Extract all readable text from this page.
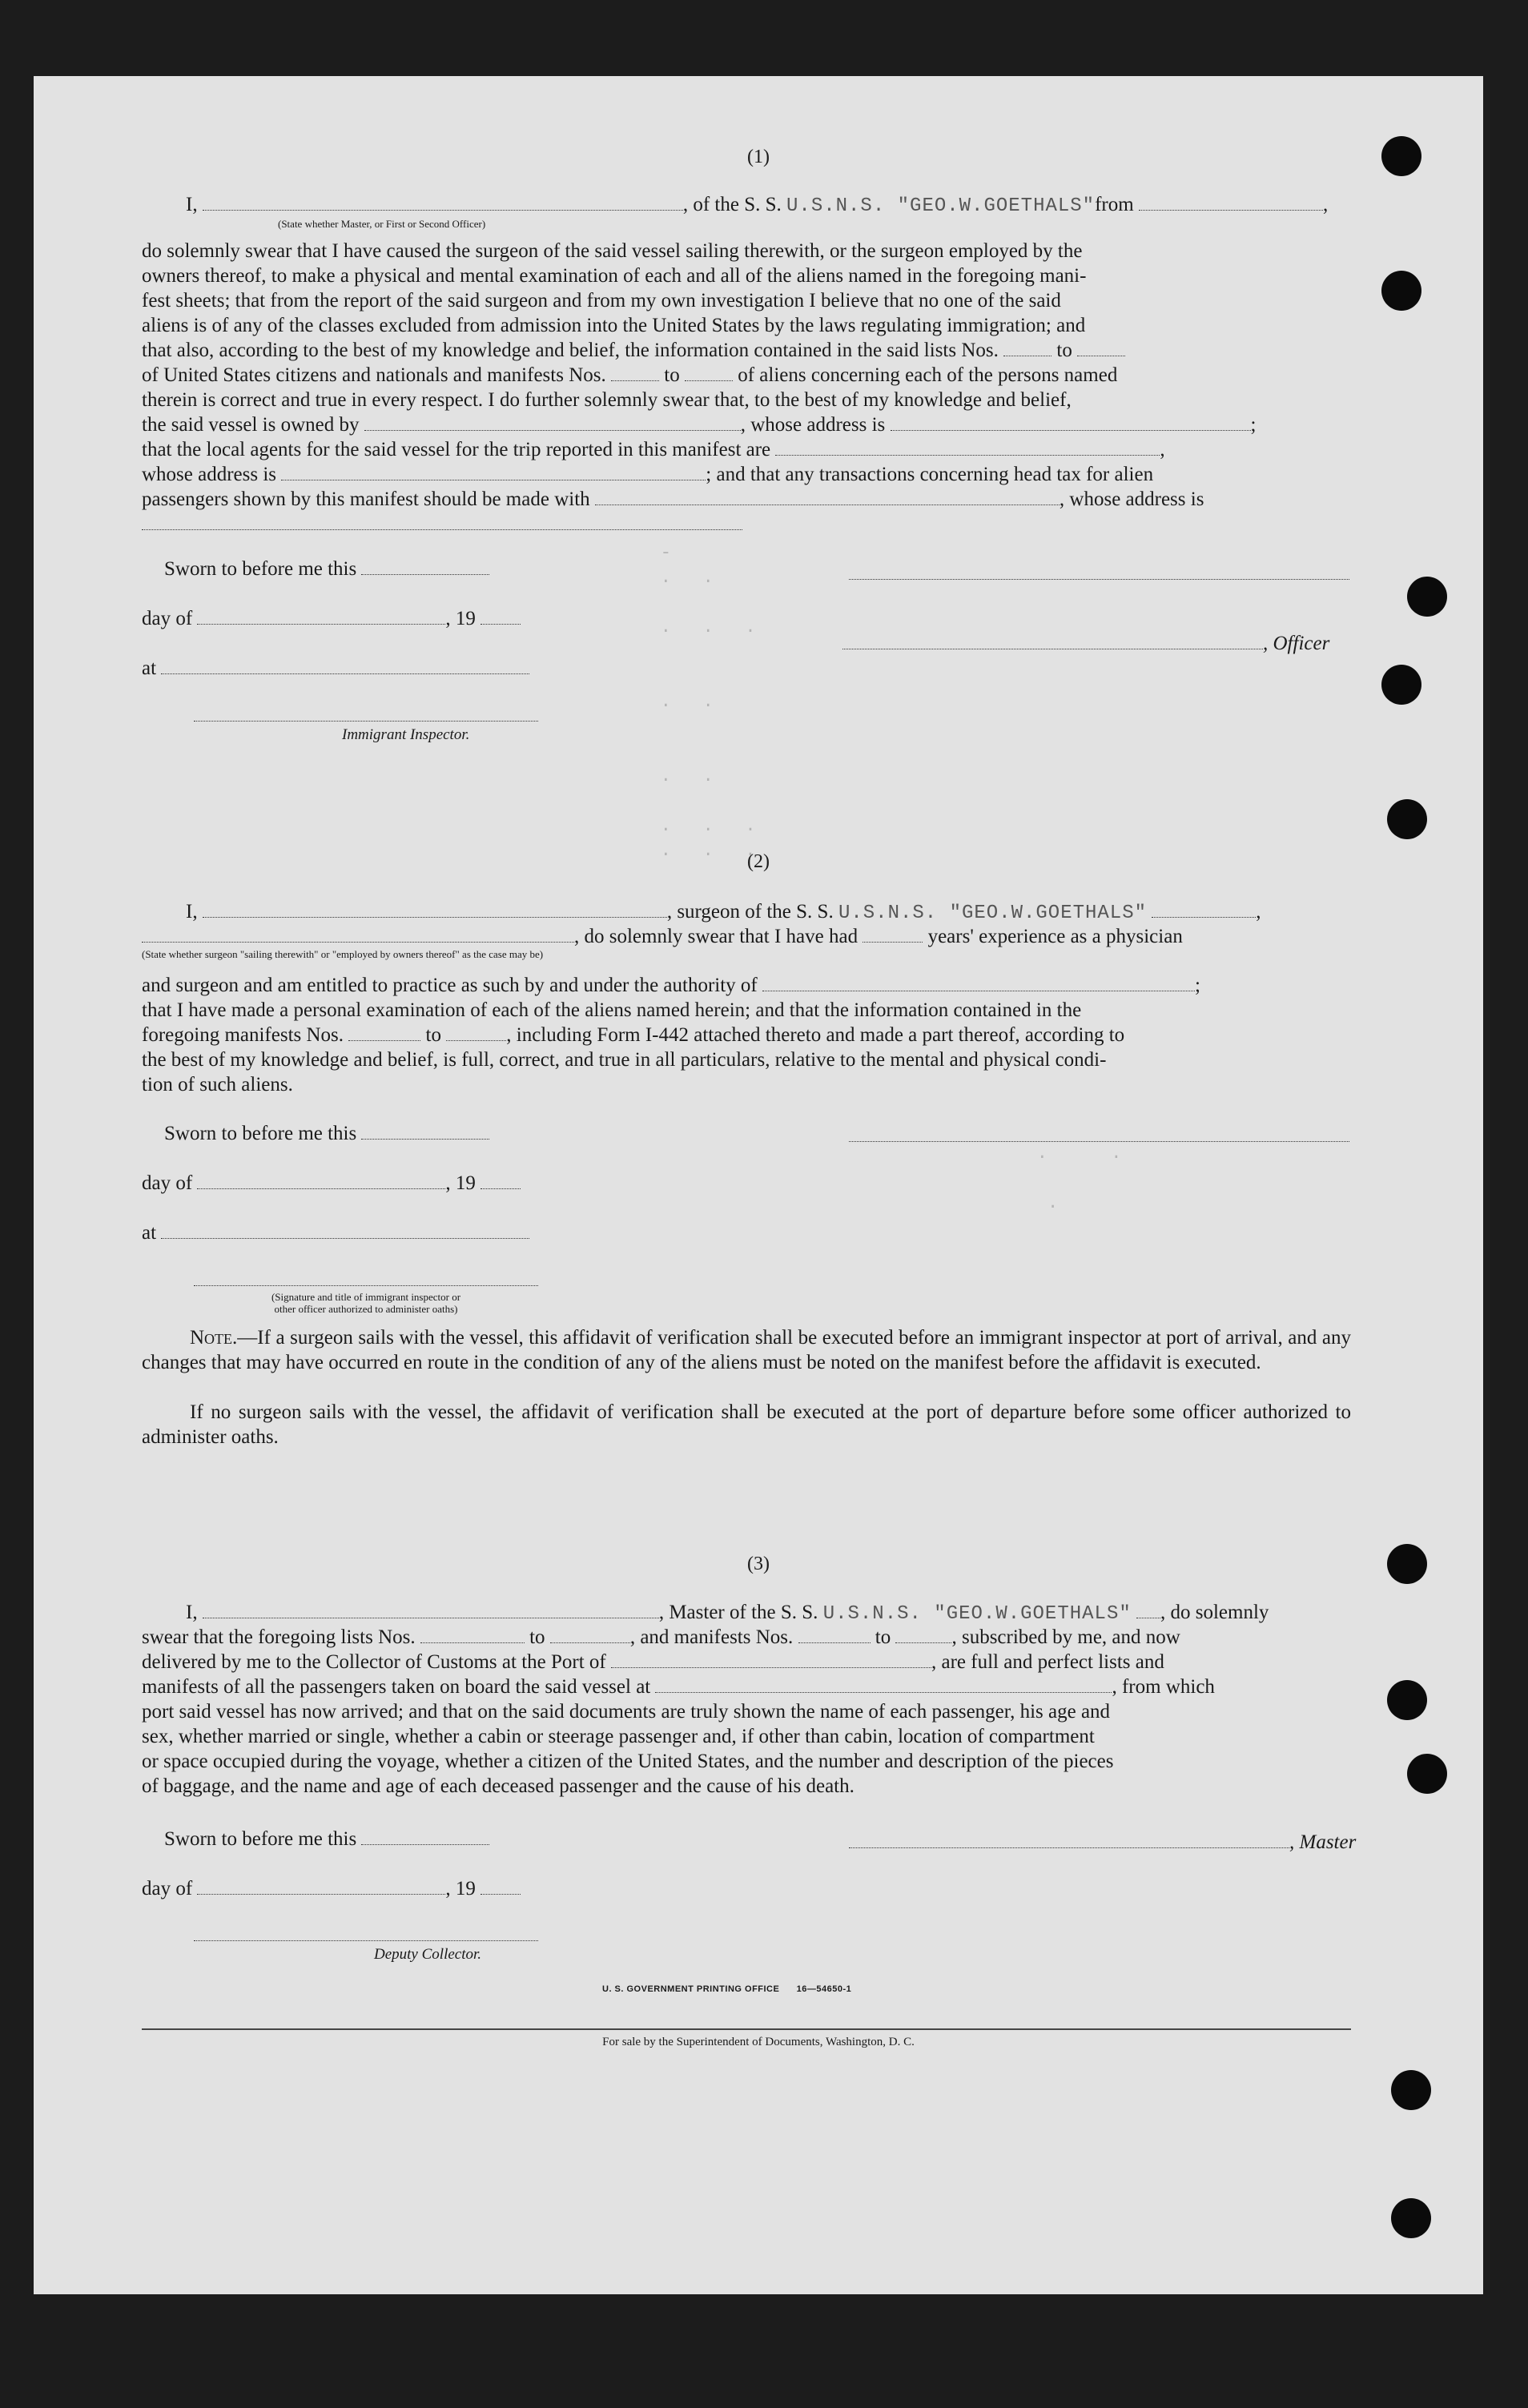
-
.   .

.   .   .

.   .

.   .

.   .   .
.   .   .
.      .

.
(1)
I,	, of the S. S. U.S.N.S. "GEO.W.GOETHALS"from	,
(State whether Master, or First or Second Officer)
do solemnly swear that I have caused the surgeon of the said vessel sailing therewith, or the surgeon employed by the
owners thereof, to make a physical and mental examination of each and all of the aliens named in the foregoing mani-
fest sheets; that from the report of the said surgeon and from my own investigation I believe that no one of the said
aliens is of any of the classes excluded from admission into the United States by the laws regulating immigration; and
that also, according to the best of my knowledge and belief, the information contained in the said lists Nos.	to
of United States citizens and nationals and manifests Nos.	to	of aliens concerning each of the persons named
therein is correct and true in every respect. I do further solemnly swear that, to the best of my knowledge and belief,
the said vessel is owned by	, whose address is	;
that the local agents for the said vessel for the trip reported in this manifest are	,
whose address is	; and that any transactions concerning head tax for alien
passengers shown by this manifest should be made with	, whose address is
Sworn to before me this
day of	, 19
at
Immigrant Inspector.
, Officer
(2)
I,	, surgeon of the S. S. U.S.N.S. "GEO.W.GOETHALS"	,
, do solemnly swear that I have had	years' experience as a physician
(State whether surgeon "sailing therewith" or "employed by owners thereof" as the case may be)
and surgeon and am entitled to practice as such by and under the authority of	;
that I have made a personal examination of each of the aliens named herein; and that the information contained in the
foregoing manifests Nos.	to	, including Form I-442 attached thereto and made a part thereof, according to
the best of my knowledge and belief, is full, correct, and true in all particulars, relative to the mental and physical condi-
tion of such aliens.
Sworn to before me this
day of	, 19
at
(Signature and title of immigrant inspector or
other officer authorized to administer oaths)
Note.—If a surgeon sails with the vessel, this affidavit of verification shall be executed before an immigrant inspector at port of arrival, and any changes that may have occurred en route in the condition of any of the aliens must be noted on the manifest before the affidavit is executed.
If no surgeon sails with the vessel, the affidavit of verification shall be executed at the port of departure before some officer authorized to administer oaths.
(3)
I,	, Master of the S. S. U.S.N.S. "GEO.W.GOETHALS" , do solemnly
swear that the foregoing lists Nos.	to	, and manifests Nos.	to	, subscribed by me, and now
delivered by me to the Collector of Customs at the Port of	, are full and perfect lists and
manifests of all the passengers taken on board the said vessel at	, from which
port said vessel has now arrived; and that on the said documents are truly shown the name of each passenger, his age and
sex, whether married or single, whether a cabin or steerage passenger and, if other than cabin, location of compartment
or space occupied during the voyage, whether a citizen of the United States, and the number and description of the pieces
of baggage, and the name and age of each deceased passenger and the cause of his death.
Sworn to before me this	, Master
day of	, 19
Deputy Collector.
U. S. GOVERNMENT PRINTING OFFICE      16—54650-1
For sale by the Superintendent of Documents, Washington, D. C.
